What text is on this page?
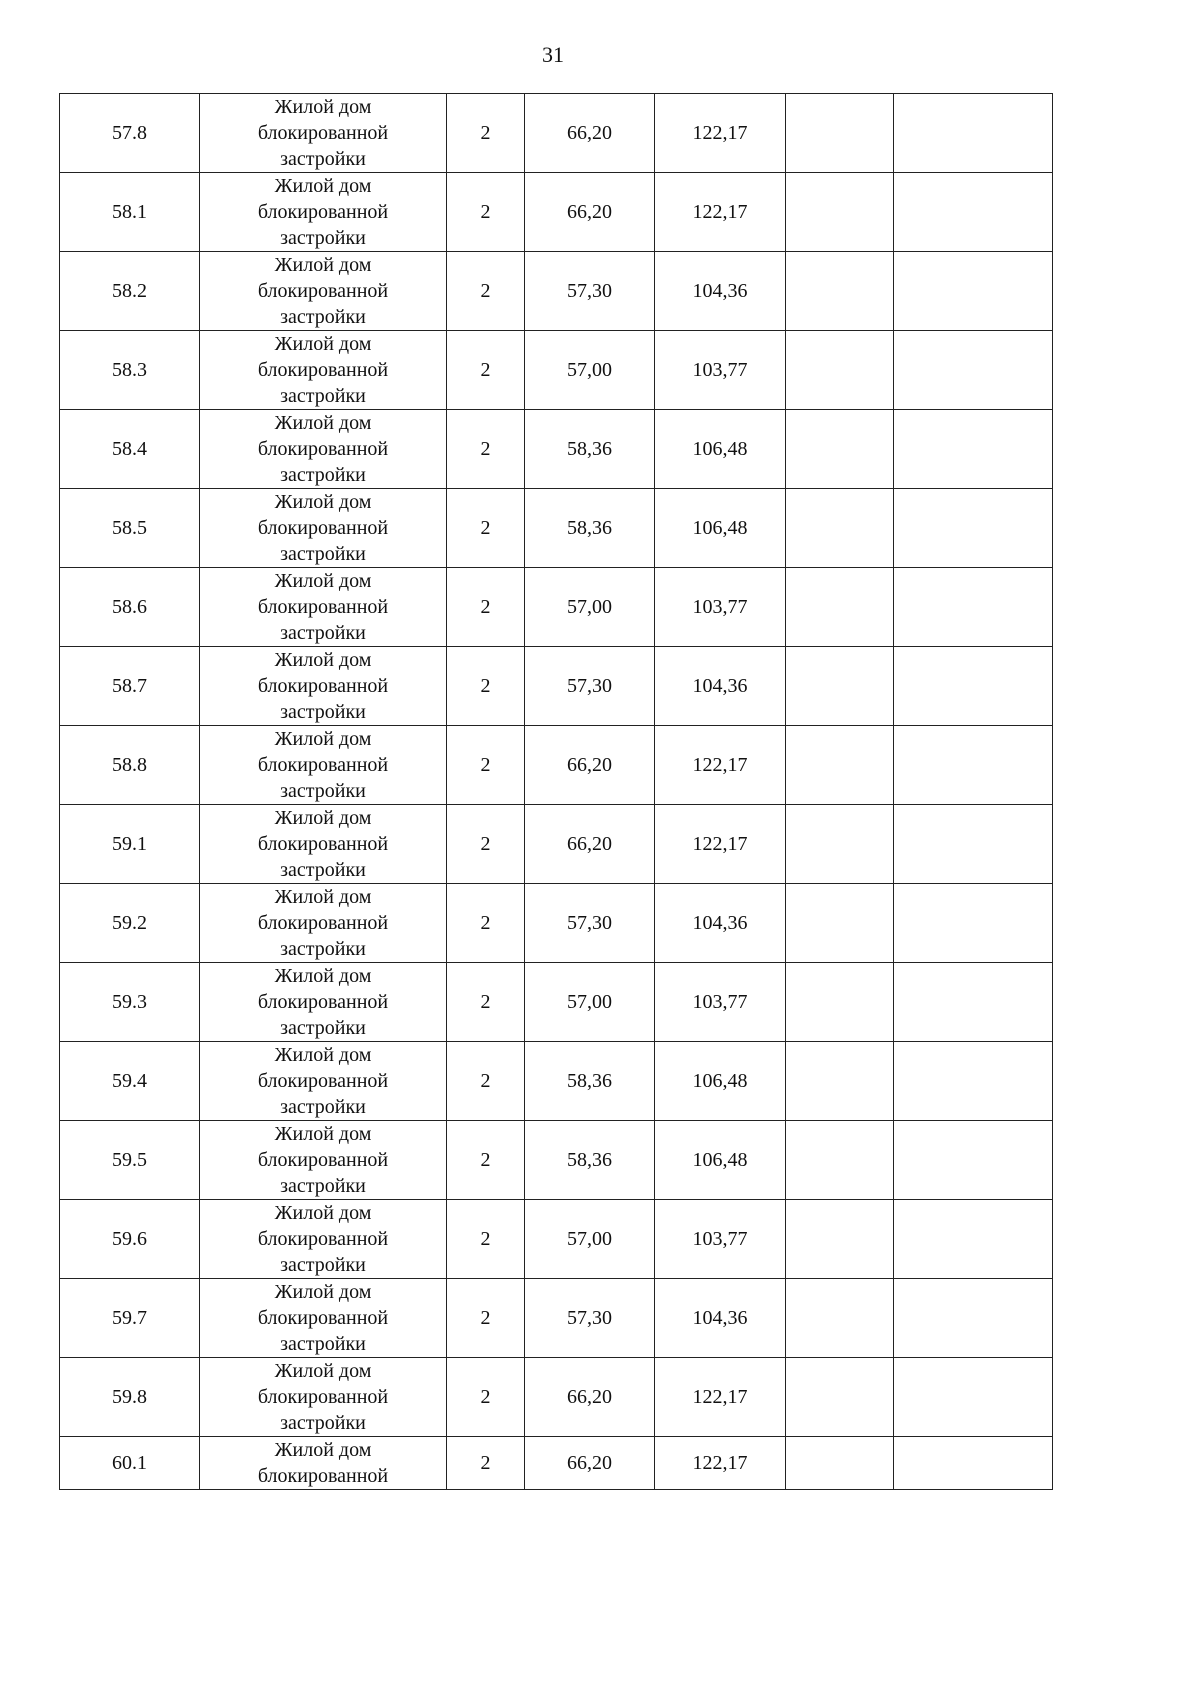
31
57.8	Жилой дом
блокированной
застройки	2	66,20	122,17		
58.1	Жилой дом
блокированной
застройки	2	66,20	122,17		
58.2	Жилой дом
блокированной
застройки	2	57,30	104,36		
58.3	Жилой дом
блокированной
застройки	2	57,00	103,77		
58.4	Жилой дом
блокированной
застройки	2	58,36	106,48		
58.5	Жилой дом
блокированной
застройки	2	58,36	106,48		
58.6	Жилой дом
блокированной
застройки	2	57,00	103,77		
58.7	Жилой дом
блокированной
застройки	2	57,30	104,36		
58.8	Жилой дом
блокированной
застройки	2	66,20	122,17		
59.1	Жилой дом
блокированной
застройки	2	66,20	122,17		
59.2	Жилой дом
блокированной
застройки	2	57,30	104,36		
59.3	Жилой дом
блокированной
застройки	2	57,00	103,77		
59.4	Жилой дом
блокированной
застройки	2	58,36	106,48		
59.5	Жилой дом
блокированной
застройки	2	58,36	106,48		
59.6	Жилой дом
блокированной
застройки	2	57,00	103,77		
59.7	Жилой дом
блокированной
застройки	2	57,30	104,36		
59.8	Жилой дом
блокированной
застройки	2	66,20	122,17		
60.1	Жилой дом
блокированной	2	66,20	122,17		
